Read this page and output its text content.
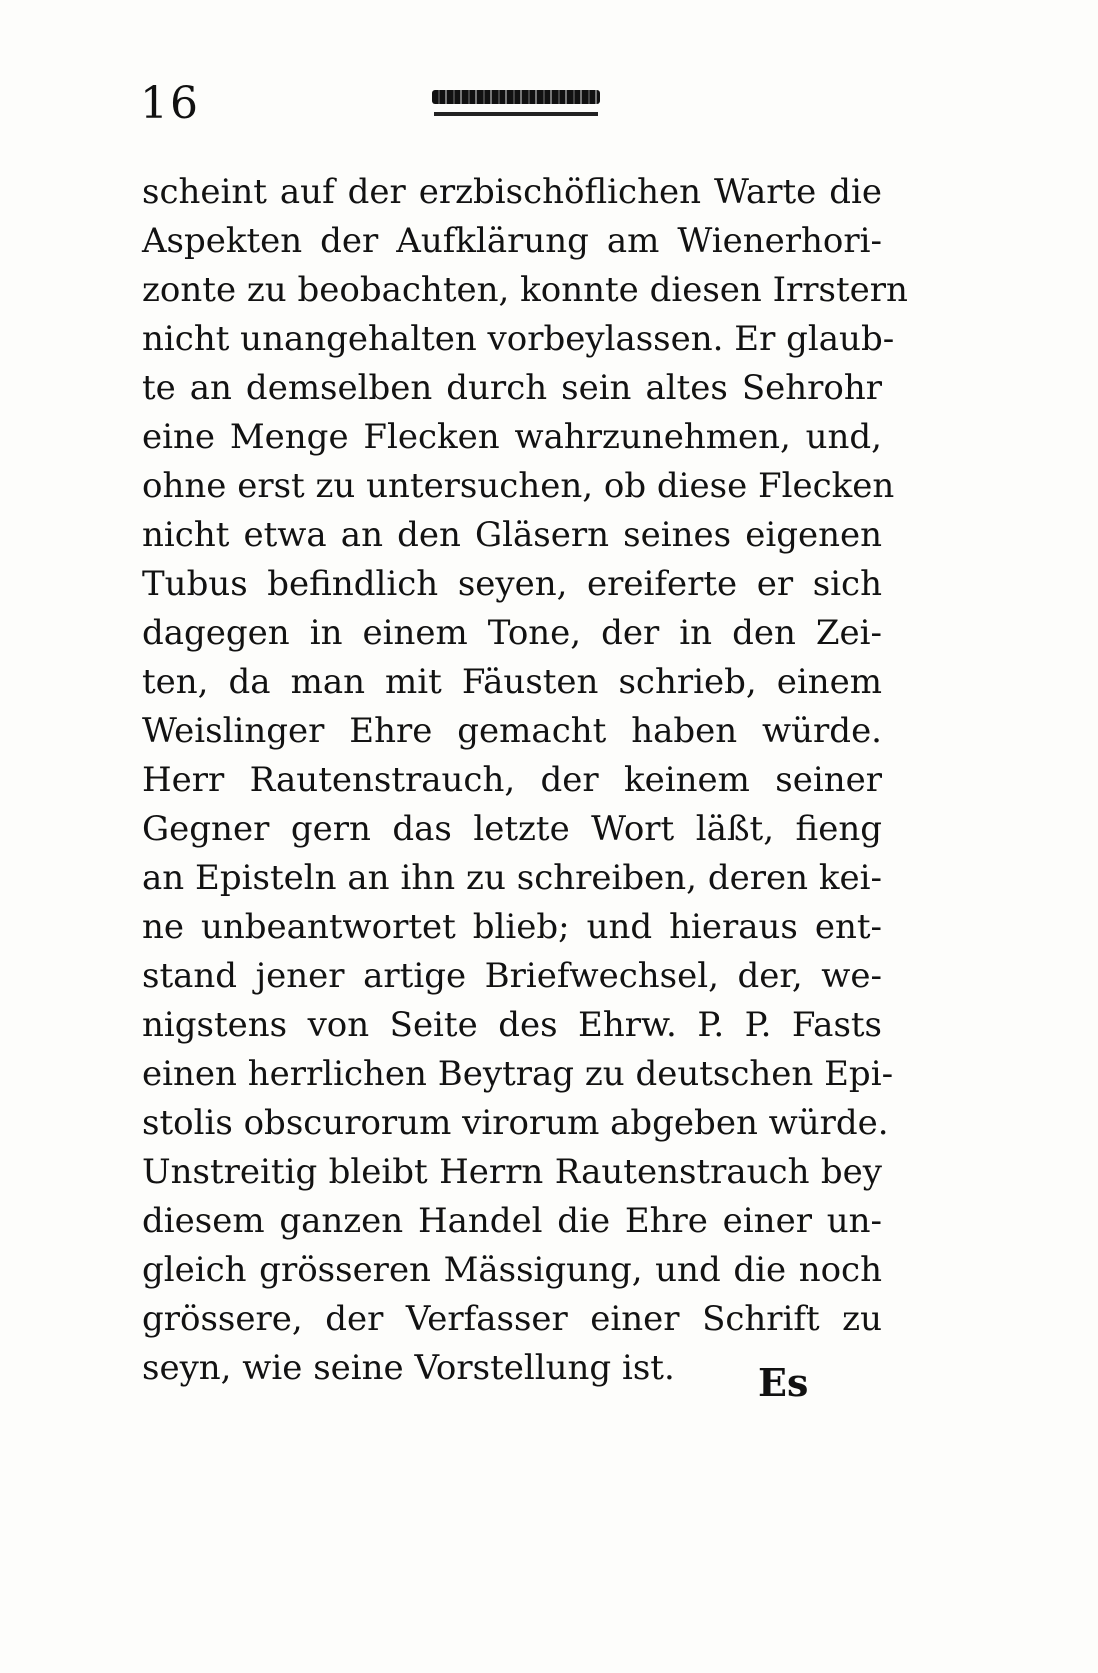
16
scheint auf der erzbischöflichen Warte die
Aspekten der Aufklärung am Wienerhori-
zonte zu beobachten, konnte diesen Irrstern
nicht unangehalten vorbeylassen. Er glaub-
te an demselben durch sein altes Sehrohr
eine Menge Flecken wahrzunehmen, und,
ohne erst zu untersuchen, ob diese Flecken
nicht etwa an den Gläsern seines eigenen
Tubus befindlich seyen, ereiferte er sich
dagegen in einem Tone, der in den Zei-
ten, da man mit Fäusten schrieb, einem
Weislinger Ehre gemacht haben würde.
Herr Rautenstrauch, der keinem seiner
Gegner gern das letzte Wort läßt, fieng
an Episteln an ihn zu schreiben, deren kei-
ne unbeantwortet blieb; und hieraus ent-
stand jener artige Briefwechsel, der, we-
nigstens von Seite des Ehrw. P. P. Fasts
einen herrlichen Beytrag zu deutschen Epi-
stolis obscurorum virorum abgeben würde.
Unstreitig bleibt Herrn Rautenstrauch bey
diesem ganzen Handel die Ehre einer un-
gleich grösseren Mässigung, und die noch
grössere, der Verfasser einer Schrift zu
seyn, wie seine Vorstellung ist.	Es
